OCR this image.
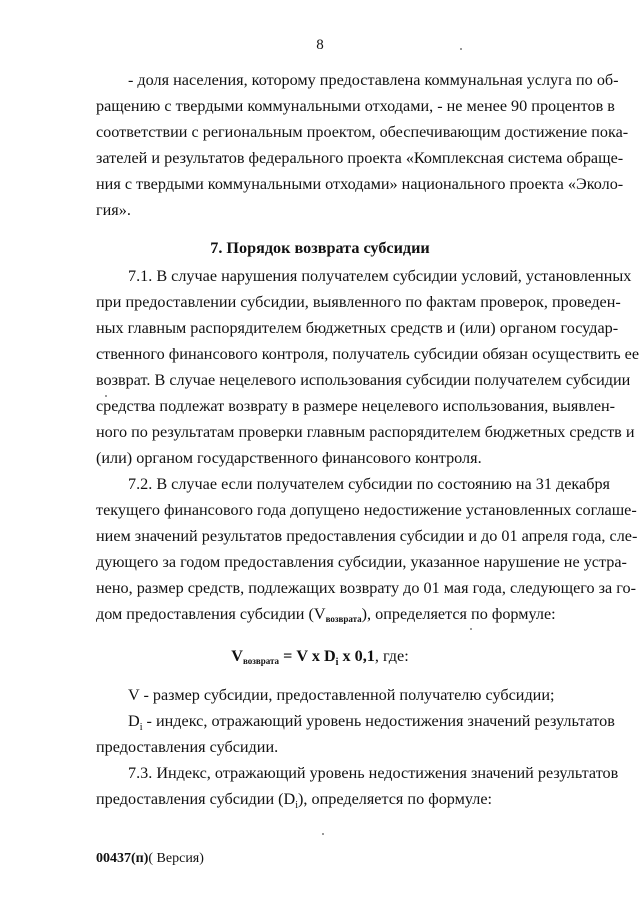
8
- доля населения, которому предоставлена коммунальная услуга по об-
ращению с твердыми коммунальными отходами, - не менее 90 процентов в
соответствии с региональным проектом, обеспечивающим достижение пока-
зателей и результатов федерального проекта «Комплексная система обраще-
ния с твердыми коммунальными отходами» национального проекта «Эколо-
гия».
7. Порядок возврата субсидии
7.1. В случае нарушения получателем субсидии условий, установленных
при предоставлении субсидии, выявленного по фактам проверок, проведен-
ных главным распорядителем бюджетных средств и (или) органом государ-
ственного финансового контроля, получатель субсидии обязан осуществить ее
возврат. В случае нецелевого использования субсидии получателем субсидии
средства подлежат возврату в размере нецелевого использования, выявлен-
ного по результатам проверки главным распорядителем бюджетных средств и
(или) органом государственного финансового контроля.
7.2. В случае если получателем субсидии по состоянию на 31 декабря
текущего финансового года допущено недостижение установленных соглаше-
нием значений результатов предоставления субсидии и до 01 апреля года, сле-
дующего за годом предоставления субсидии, указанное нарушение не устра-
нено, размер средств, подлежащих возврату до 01 мая года, следующего за го-
дом предоставления субсидии $(V_{возврата})$, определяется по формуле:
$V_{возврата} = V$ x $D_i$ x 0,1, где:
V - размер субсидии, предоставленной получателю субсидии;
$D_i$ - индекс, отражающий уровень недостижения значений результатов
предоставления субсидии.
7.3. Индекс, отражающий уровень недостижения значений результатов
предоставления субсидии $(D_i)$, определяется по формуле:
00437(п)( Версия)
